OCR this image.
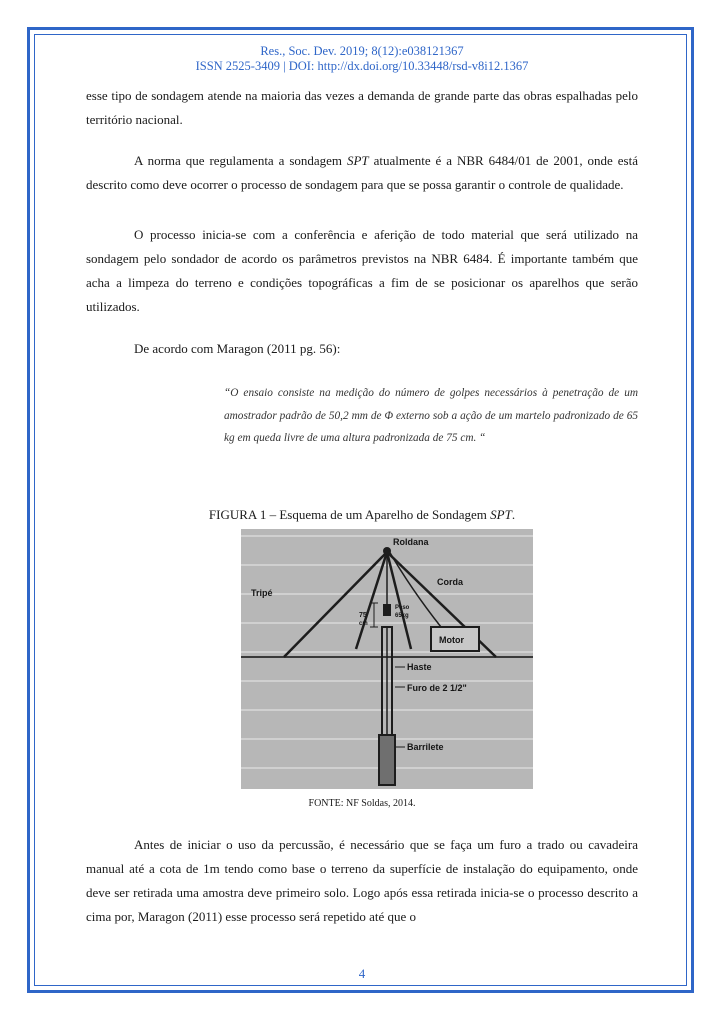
Res., Soc. Dev. 2019; 8(12):e038121367
ISSN 2525-3409 | DOI: http://dx.doi.org/10.33448/rsd-v8i12.1367

esse tipo de sondagem atende na maioria das vezes a demanda de grande parte das obras espalhadas pelo território nacional.

A norma que regulamenta a sondagem SPT atualmente é a NBR 6484/01 de 2001, onde está descrito como deve ocorrer o processo de sondagem para que se possa garantir o controle de qualidade.

O processo inicia-se com a conferência e aferição de todo material que será utilizado na sondagem pelo sondador de acordo os parâmetros previstos na NBR 6484. É importante também que acha a limpeza do terreno e condições topográficas a fim de se posicionar os aparelhos que serão utilizados.

De acordo com Maragon (2011 pg. 56):

“O ensaio consiste na medição do número de golpes necessários à penetração de um amostrador padrão de 50,2 mm de Φ externo sob a ação de um martelo padronizado de 65 kg em queda livre de uma altura padronizada de 75 cm. “

FIGURA 1 – Esquema de um Aparelho de Sondagem SPT.
Roldana
Corda
Tripé
Peso
65kg
75
cm
Motor
Haste
Furo de 2 1/2"
Barrilete
FONTE: NF Soldas, 2014.

Antes de iniciar o uso da percussão, é necessário que se faça um furo a trado ou cavadeira manual até a cota de 1m tendo como base o terreno da superfície de instalação do equipamento, onde deve ser retirada uma amostra deve primeiro solo. Logo após essa retirada inicia-se o processo descrito a cima por, Maragon (2011) esse processo será repetido até que o

4
